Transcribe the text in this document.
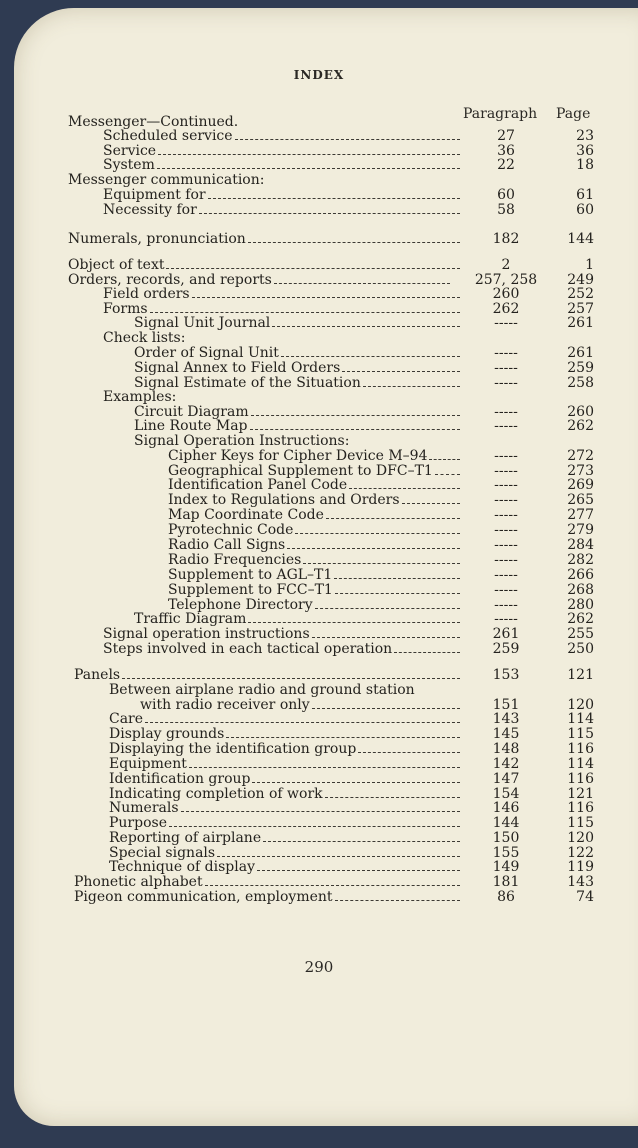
INDEX
Paragraph Page
Messenger—Continued.
Scheduled service	27	23
Service	36	36
System	22	18
Messenger communication:
Equipment for	60	61
Necessity for	58	60
Numerals, pronunciation	182	144
Object of text	2	1
Orders, records, and reports	257, 258	249
Field orders	260	252
Forms	262	257
Signal Unit Journal	-----	261
Check lists:
Order of Signal Unit	-----	261
Signal Annex to Field Orders	-----	259
Signal Estimate of the Situation	-----	258
Examples:
Circuit Diagram	-----	260
Line Route Map	-----	262
Signal Operation Instructions:
Cipher Keys for Cipher Device M–94	-----	272
Geographical Supplement to DFC–T1	-----	273
Identification Panel Code	-----	269
Index to Regulations and Orders	-----	265
Map Coordinate Code	-----	277
Pyrotechnic Code	-----	279
Radio Call Signs	-----	284
Radio Frequencies	-----	282
Supplement to AGL–T1	-----	266
Supplement to FCC–T1	-----	268
Telephone Directory	-----	280
Traffic Diagram	-----	262
Signal operation instructions	261	255
Steps involved in each tactical operation	259	250
Panels	153	121
Between airplane radio and ground station
with radio receiver only	151	120
Care	143	114
Display grounds	145	115
Displaying the identification group	148	116
Equipment	142	114
Identification group	147	116
Indicating completion of work	154	121
Numerals	146	116
Purpose	144	115
Reporting of airplane	150	120
Special signals	155	122
Technique of display	149	119
Phonetic alphabet	181	143
Pigeon communication, employment	86	74
290
